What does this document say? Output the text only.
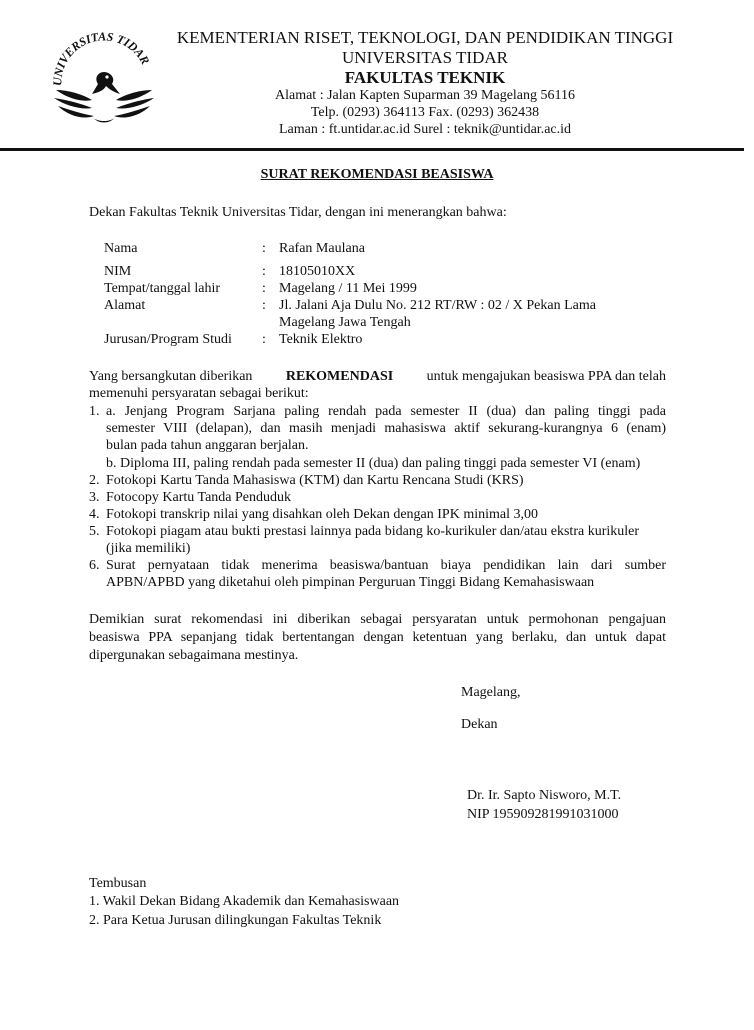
UNIVERSITAS TIDAR
KEMENTERIAN RISET, TEKNOLOGI, DAN PENDIDIKAN TINGGI
UNIVERSITAS TIDAR
FAKULTAS TEKNIK
Alamat : Jalan Kapten Suparman 39 Magelang 56116
Telp. (0293) 364113 Fax. (0293) 362438
Laman : ft.untidar.ac.id Surel : teknik@untidar.ac.id
SURAT REKOMENDASI BEASISWA
Dekan Fakultas Teknik Universitas Tidar, dengan ini menerangkan bahwa:
Nama	: Rafan Maulana
NIM	: 18105010XX
Tempat/tanggal lahir	: Magelang / 11 Mei 1999
Alamat	: Jl. Jalani Aja Dulu No. 212 RT/RW : 02 / X Pekan Lama
Magelang Jawa Tengah
Jurusan/Program Studi : Teknik Elektro
Yang bersangkutan diberikan REKOMENDASI untuk mengajukan beasiswa PPA dan telah
memenuhi persyaratan sebagai berikut:
1. a. Jenjang Program Sarjana paling rendah pada semester II (dua) dan paling tinggi pada
semester VIII (delapan), dan masih menjadi mahasiswa aktif sekurang-kurangnya 6 (enam)
bulan pada tahun anggaran berjalan.
b. Diploma III, paling rendah pada semester II (dua) dan paling tinggi pada semester VI (enam)
2. Fotokopi Kartu Tanda Mahasiswa (KTM) dan Kartu Rencana Studi (KRS)
3. Fotocopy Kartu Tanda Penduduk
4. Fotokopi transkrip nilai yang disahkan oleh Dekan dengan IPK minimal 3,00
5. Fotokopi piagam atau bukti prestasi lainnya pada bidang ko-kurikuler dan/atau ekstra kurikuler
(jika memiliki)
6. Surat pernyataan tidak menerima beasiswa/bantuan biaya pendidikan lain dari sumber
APBN/APBD yang diketahui oleh pimpinan Perguruan Tinggi Bidang Kemahasiswaan
Demikian surat rekomendasi ini diberikan sebagai persyaratan untuk permohonan pengajuan
beasiswa PPA sepanjang tidak bertentangan dengan ketentuan yang berlaku, dan untuk dapat
dipergunakan sebagaimana mestinya.
Magelang,
Dekan
Dr. Ir. Sapto Nisworo, M.T.
NIP 195909281991031000
Tembusan
1. Wakil Dekan Bidang Akademik dan Kemahasiswaan
2. Para Ketua Jurusan dilingkungan Fakultas Teknik
